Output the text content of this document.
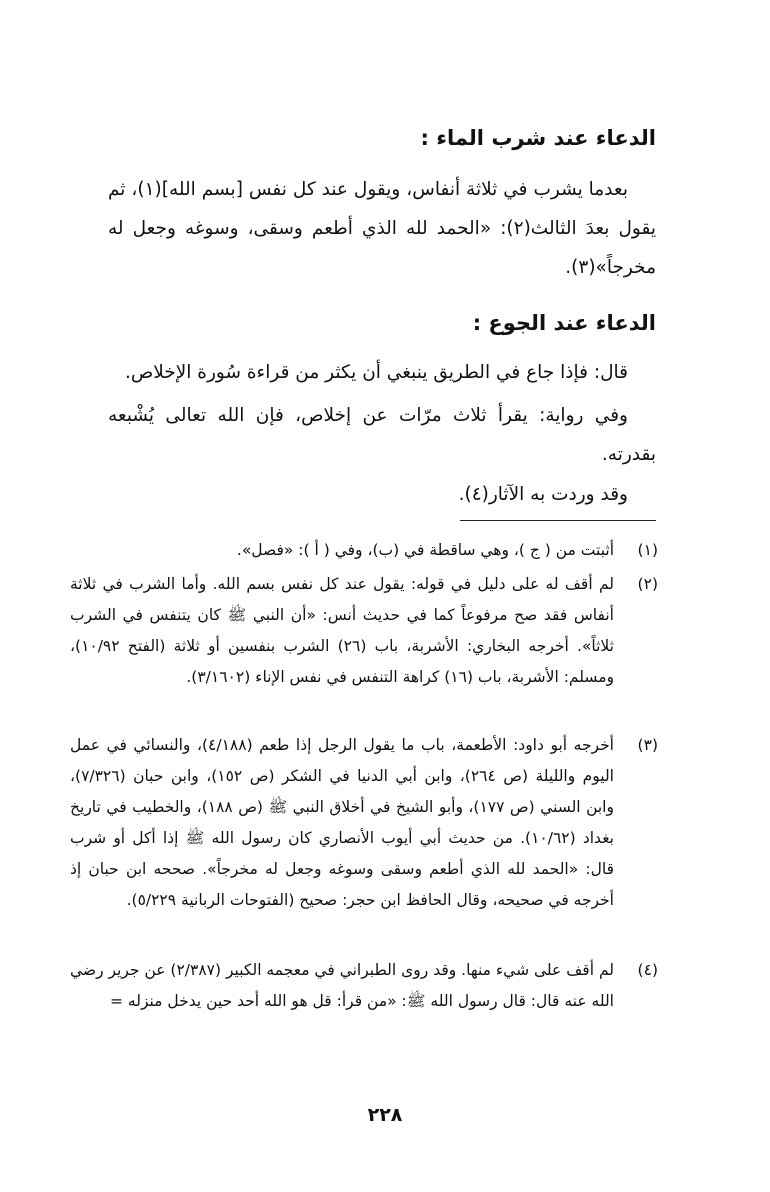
الدعاء عند شرب الماء :

بعدما يشرب في ثلاثة أنفاس، ويقول عند كل نفس [بسم الله](١)، ثم يقول بعدَ الثالث(٢): «الحمد لله الذي أطعم وسقى، وسوغه وجعل له مخرجاً»(٣).

الدعاء عند الجوع :

قال: فإذا جاع في الطريق ينبغي أن يكثر من قراءة سُورة الإخلاص.

وفي رواية: يقرأ ثلاث مرّات عن إخلاص، فإن الله تعالى يُشْبعه بقدرته.

وقد وردت به الآثار(٤).

(١)
أثبتت من ( ج )، وهي ساقطة في (ب)، وفي ( أ ): «فصل».
(٢)
لم أقف له على دليل في قوله: يقول عند كل نفس بسم الله. وأما الشرب في ثلاثة أنفاس فقد صح مرفوعاً كما في حديث أنس: «أن النبي ﷺ كان يتنفس في الشرب ثلاثاً». أخرجه البخاري: الأشربة، باب (٢٦) الشرب بنفسين أو ثلاثة (الفتح ١٠/٩٢)، ومسلم: الأشربة، باب (١٦) كراهة التنفس في نفس الإناء (٣/١٦٠٢).
(٣)
أخرجه أبو داود: الأطعمة، باب ما يقول الرجل إذا طعم (٤/١٨٨)، والنسائي في عمل اليوم والليلة (ص ٢٦٤)، وابن أبي الدنيا في الشكر (ص ١٥٢)، وابن حبان (٧/٣٢٦)، وابن السني (ص ١٧٧)، وأبو الشيخ في أخلاق النبي ﷺ (ص ١٨٨)، والخطيب في تاريخ بغداد (١٠/٦٢). من حديث أبي أيوب الأنصاري كان رسول الله ﷺ إذا أكل أو شرب قال: «الحمد لله الذي أطعم وسقى وسوغه وجعل له مخرجاً». صححه ابن حبان إذ أخرجه في صحيحه، وقال الحافظ ابن حجر: صحيح (الفتوحات الربانية ٥/٢٢٩).
(٤)
لم أقف على شيء منها. وقد روى الطبراني في معجمه الكبير (٢/٣٨٧) عن جرير رضي الله عنه قال: قال رسول الله ﷺ: «من قرأ: قل هو الله أحد حين يدخل منزله =
٢٢٨
